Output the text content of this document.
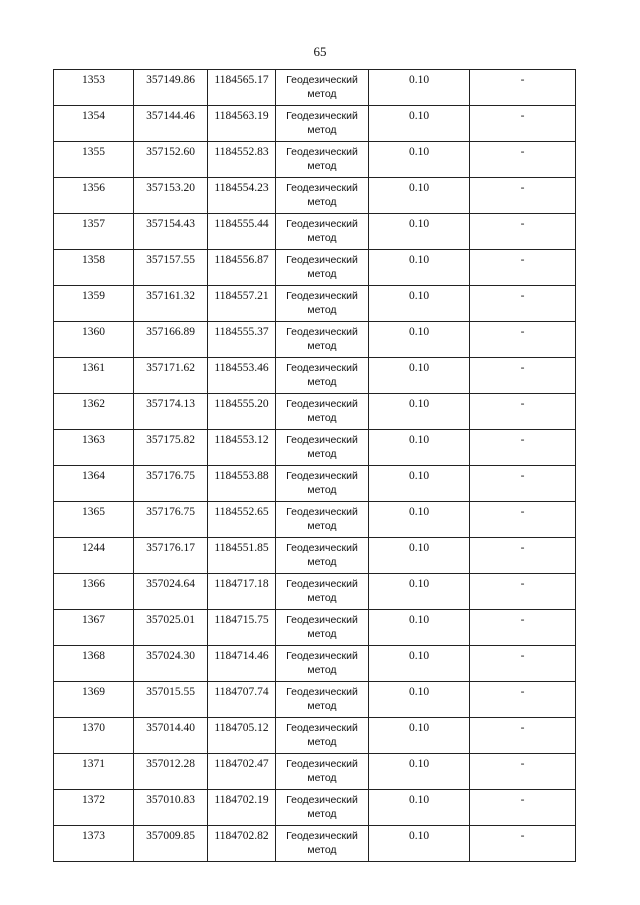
65
1353	357149.86	1184565.17	Геодезический метод	0.10	-

1354	357144.46	1184563.19	Геодезический метод	0.10	-

1355	357152.60	1184552.83	Геодезический метод	0.10	-

1356	357153.20	1184554.23	Геодезический метод	0.10	-

1357	357154.43	1184555.44	Геодезический метод	0.10	-

1358	357157.55	1184556.87	Геодезический метод	0.10	-

1359	357161.32	1184557.21	Геодезический метод	0.10	-

1360	357166.89	1184555.37	Геодезический метод	0.10	-

1361	357171.62	1184553.46	Геодезический метод	0.10	-

1362	357174.13	1184555.20	Геодезический метод	0.10	-

1363	357175.82	1184553.12	Геодезический метод	0.10	-

1364	357176.75	1184553.88	Геодезический метод	0.10	-

1365	357176.75	1184552.65	Геодезический метод	0.10	-

1244	357176.17	1184551.85	Геодезический метод	0.10	-

1366	357024.64	1184717.18	Геодезический метод	0.10	-

1367	357025.01	1184715.75	Геодезический метод	0.10	-

1368	357024.30	1184714.46	Геодезический метод	0.10	-

1369	357015.55	1184707.74	Геодезический метод	0.10	-

1370	357014.40	1184705.12	Геодезический метод	0.10	-

1371	357012.28	1184702.47	Геодезический метод	0.10	-

1372	357010.83	1184702.19	Геодезический метод	0.10	-

1373	357009.85	1184702.82	Геодезический метод	0.10	-
